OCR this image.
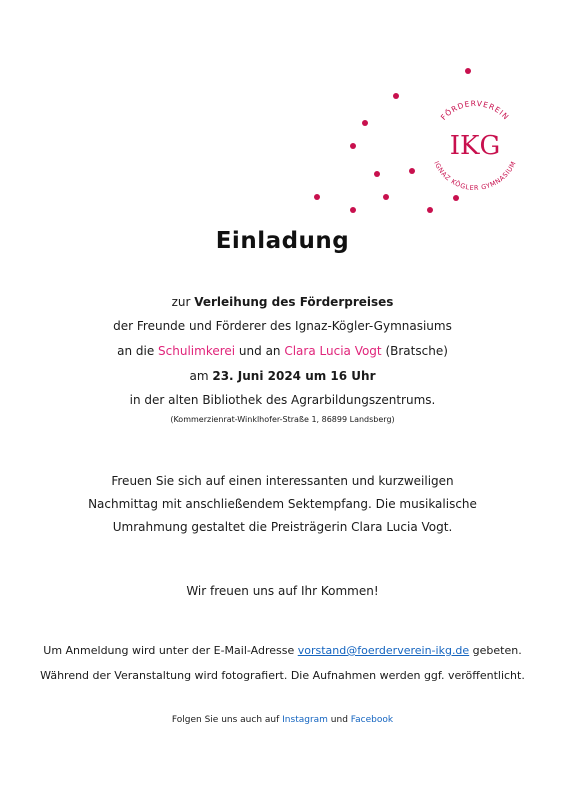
FÖRDERVEREIN
IGNAZ KÖGLER GYMNASIUM
IKG
Einladung
zur Verleihung des Förderpreises
der Freunde und Förderer des Ignaz-Kögler-Gymnasiums
an die Schulimkerei und an Clara Lucia Vogt (Bratsche)
am 23. Juni 2024 um 16 Uhr
in der alten Bibliothek des Agrarbildungszentrums.
(Kommerzienrat-Winklhofer-Straße 1, 86899 Landsberg)
Freuen Sie sich auf einen interessanten und kurzweiligen
Nachmittag mit anschließendem Sektempfang. Die musikalische
Umrahmung gestaltet die Preisträgerin Clara Lucia Vogt.
Wir freuen uns auf Ihr Kommen!
Um Anmeldung wird unter der E-Mail-Adresse vorstand@foerderverein-ikg.de gebeten.
Während der Veranstaltung wird fotografiert. Die Aufnahmen werden ggf. veröffentlicht.
Folgen Sie uns auch auf Instagram und Facebook
